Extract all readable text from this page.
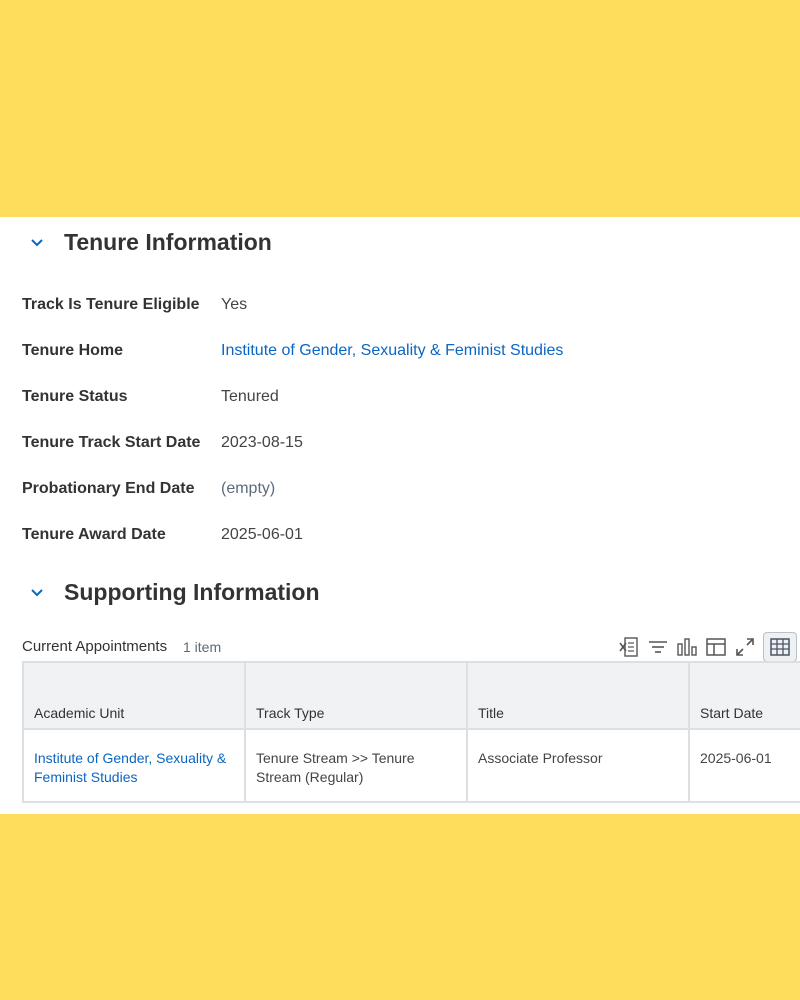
Tenure Information
Track Is Tenure Eligible	Yes
Tenure Home	Institute of Gender, Sexuality & Feminist Studies
Tenure Status	Tenured
Tenure Track Start Date	2023-08-15
Probationary End Date	(empty)
Tenure Award Date	2025-06-01
Supporting Information
Current Appointments 1 item
Academic Unit	Track Type	Title	Start Date
Institute of Gender, Sexuality & Feminist Studies	Tenure Stream >> Tenure Stream (Regular)	Associate Professor	2025-06-01
